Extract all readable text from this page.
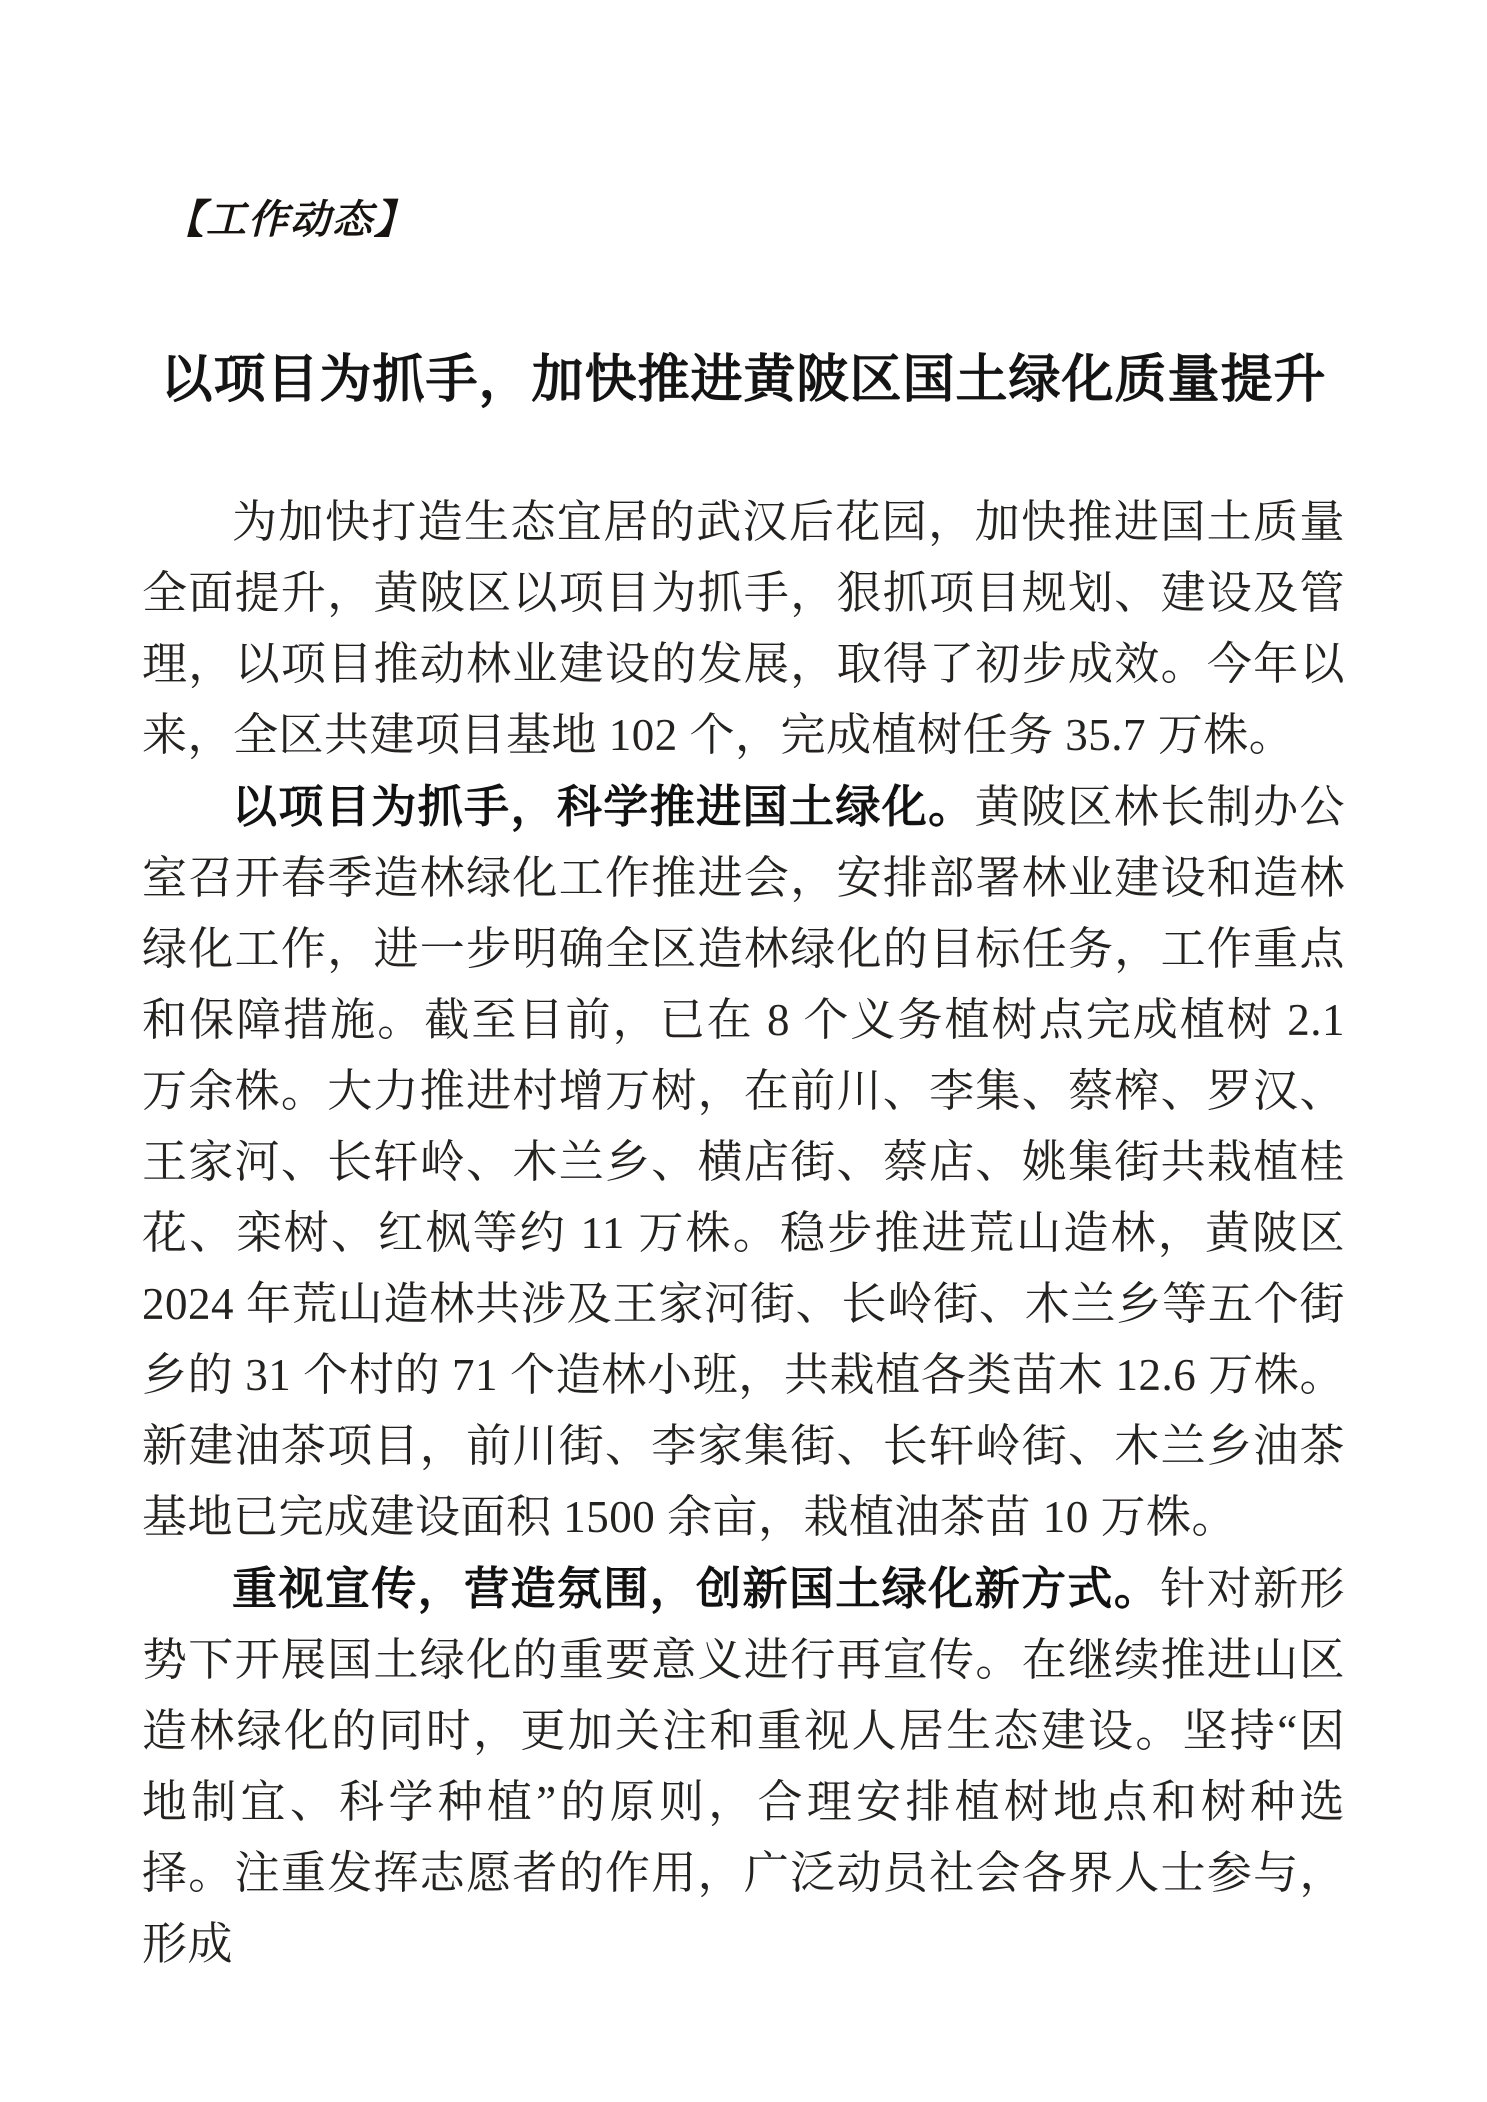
【工作动态】
以项目为抓手，加快推进黄陂区国土绿化质量提升

为加快打造生态宜居的武汉后花园，加快推进国土质量全面提升，黄陂区以项目为抓手，狠抓项目规划、建设及管理，以项目推动林业建设的发展，取得了初步成效。今年以来，全区共建项目基地 102 个，完成植树任务 35.7 万株。

以项目为抓手，科学推进国土绿化。黄陂区林长制办公室召开春季造林绿化工作推进会，安排部署林业建设和造林绿化工作，进一步明确全区造林绿化的目标任务，工作重点和保障措施。截至目前，已在 8 个义务植树点完成植树 2.1 万余株。大力推进村增万树，在前川、李集、蔡榨、罗汉、王家河、长轩岭、木兰乡、横店街、蔡店、姚集街共栽植桂花、栾树、红枫等约 11 万株。稳步推进荒山造林，黄陂区 2024 年荒山造林共涉及王家河街、长岭街、木兰乡等五个街乡的 31 个村的 71 个造林小班，共栽植各类苗木 12.6 万株。新建油茶项目，前川街、李家集街、长轩岭街、木兰乡油茶基地已完成建设面积 1500 余亩，栽植油茶苗 10 万株。

重视宣传，营造氛围，创新国土绿化新方式。针对新形势下开展国土绿化的重要意义进行再宣传。在继续推进山区造林绿化的同时，更加关注和重视人居生态建设。坚持“因地制宜、科学种植”的原则，合理安排植树地点和树种选择。注重发挥志愿者的作用，广泛动员社会各界人士参与，形成
